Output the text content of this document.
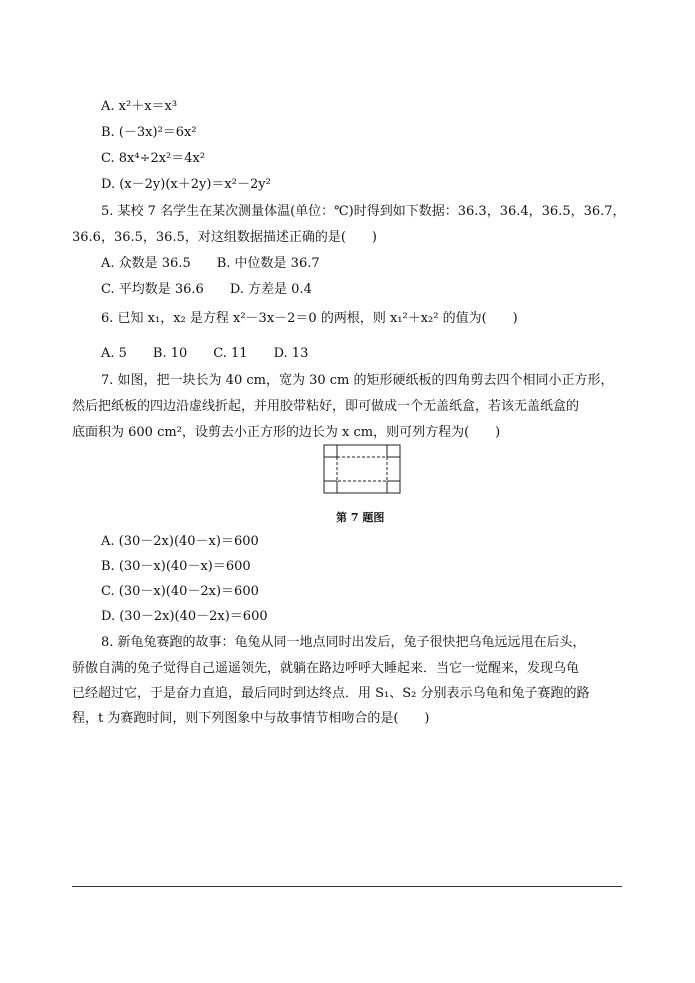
A. x²＋x＝x³
B. (－3x)²＝6x²
C. 8x⁴÷2x²＝4x²
D. (x－2y)(x＋2y)＝x²－2y²
5. 某校 7 名学生在某次测量体温(单位：℃)时得到如下数据：36.3，36.4，36.5，36.7，
36.6，36.5，36.5，对这组数据描述正确的是(　　)
A. 众数是 36.5　　B. 中位数是 36.7
C. 平均数是 36.6　　D. 方差是 0.4
6. 已知 x₁，x₂ 是方程 x²－3x－2＝0 的两根，则 x₁²＋x₂² 的值为(　　)
A. 5　　B. 10　　C. 11　　D. 13
7. 如图，把一块长为 40 cm，宽为 30 cm 的矩形硬纸板的四角剪去四个相同小正方形，
然后把纸板的四边沿虚线折起，并用胶带粘好，即可做成一个无盖纸盒，若该无盖纸盒的
底面积为 600 cm²，设剪去小正方形的边长为 x cm，则可列方程为(　　)
第 7 题图
A. (30－2x)(40－x)＝600
B. (30－x)(40－x)＝600
C. (30－x)(40－2x)＝600
D. (30－2x)(40－2x)＝600
8. 新龟兔赛跑的故事：龟兔从同一地点同时出发后，兔子很快把乌龟远远甩在后头，
骄傲自满的兔子觉得自己遥遥领先，就躺在路边呼呼大睡起来．当它一觉醒来，发现乌龟
已经超过它，于是奋力直追，最后同时到达终点．用 S₁、S₂ 分别表示乌龟和兔子赛跑的路
程，t 为赛跑时间，则下列图象中与故事情节相吻合的是(　　)
